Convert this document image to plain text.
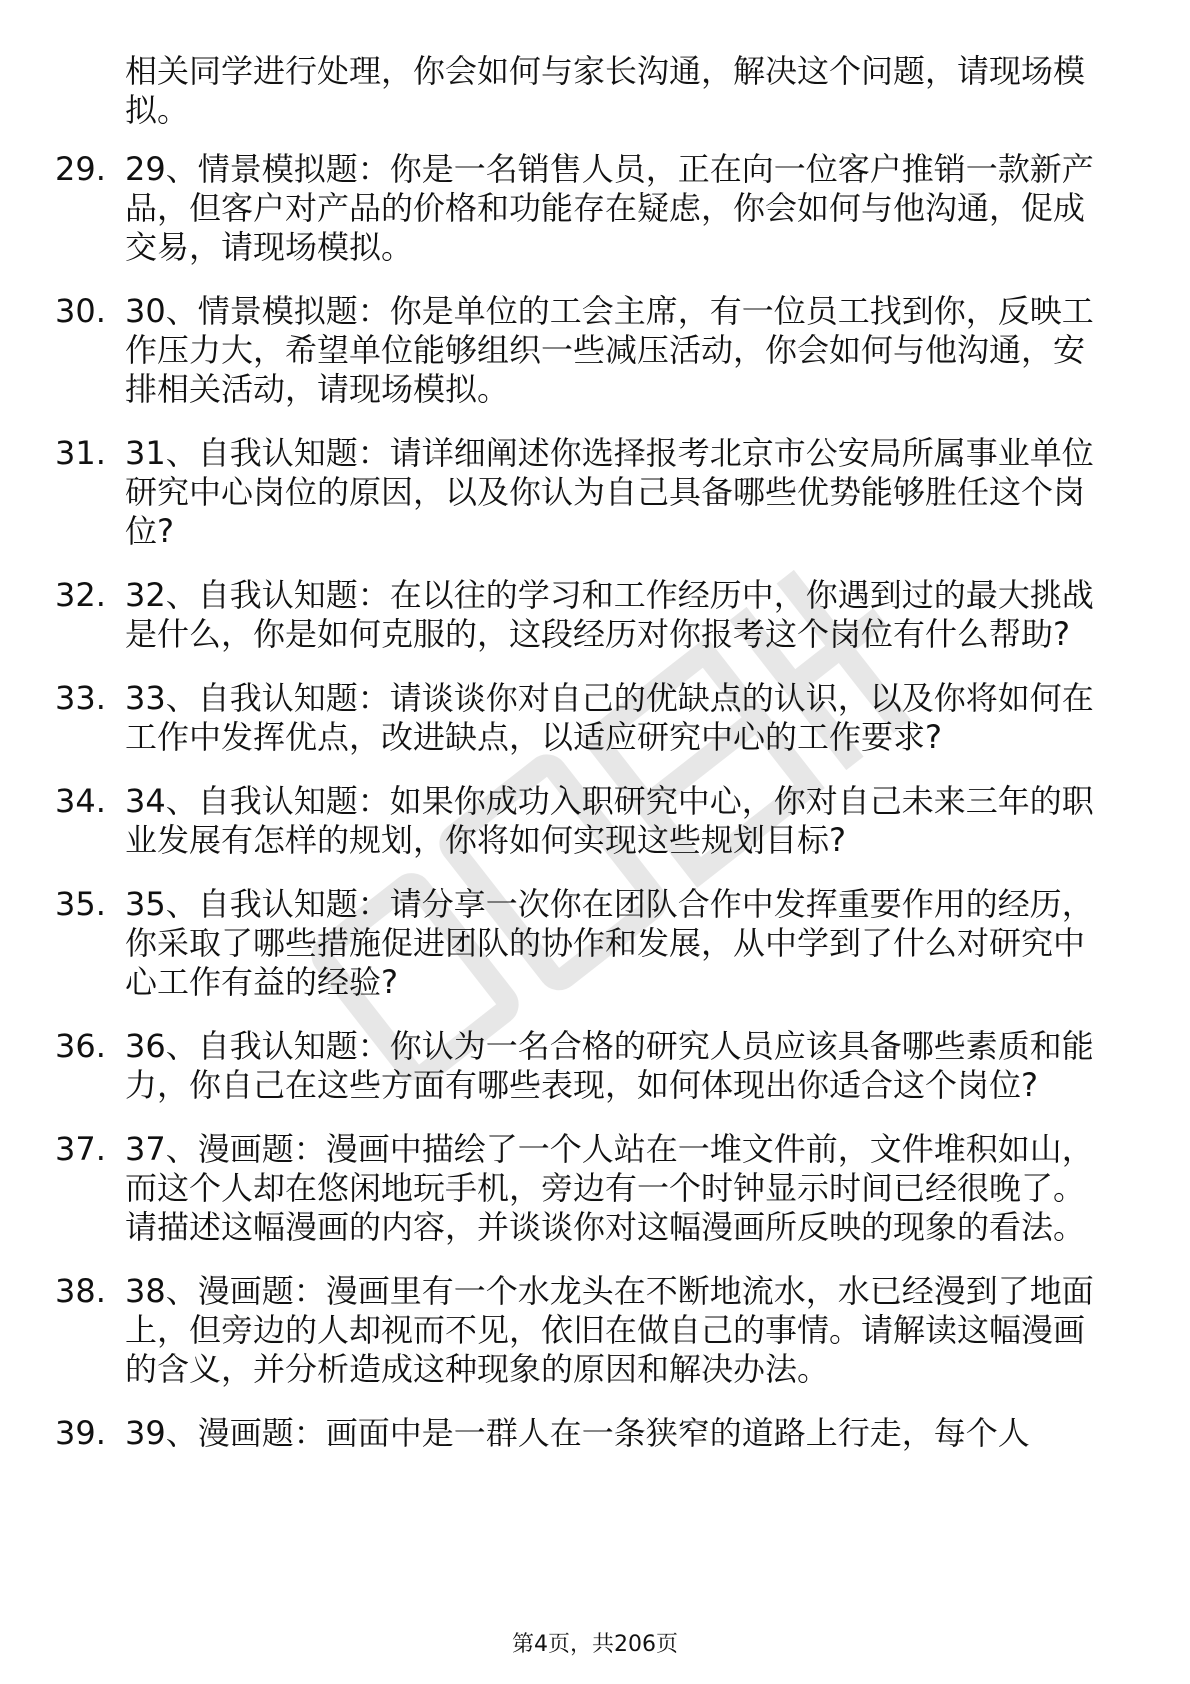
相关同学进行处理，你会如何与家长沟通，解决这个问题，请现场模拟。

29. 29、情景模拟题：你是一名销售人员，正在向一位客户推销一款新产品，但客户对产品的价格和功能存在疑虑，你会如何与他沟通，促成交易，请现场模拟。
30. 30、情景模拟题：你是单位的工会主席，有一位员工找到你，反映工作压力大，希望单位能够组织一些减压活动，你会如何与他沟通，安排相关活动，请现场模拟。
31. 31、自我认知题：请详细阐述你选择报考北京市公安局所属事业单位研究中心岗位的原因，以及你认为自己具备哪些优势能够胜任这个岗位?
32. 32、自我认知题：在以往的学习和工作经历中，你遇到过的最大挑战是什么，你是如何克服的，这段经历对你报考这个岗位有什么帮助?
33. 33、自我认知题：请谈谈你对自己的优缺点的认识，以及你将如何在工作中发挥优点，改进缺点，以适应研究中心的工作要求?
34. 34、自我认知题：如果你成功入职研究中心，你对自己未来三年的职业发展有怎样的规划，你将如何实现这些规划目标?
35. 35、自我认知题：请分享一次你在团队合作中发挥重要作用的经历，你采取了哪些措施促进团队的协作和发展，从中学到了什么对研究中心工作有益的经验?
36. 36、自我认知题：你认为一名合格的研究人员应该具备哪些素质和能力，你自己在这些方面有哪些表现，如何体现出你适合这个岗位?
37. 37、漫画题：漫画中描绘了一个人站在一堆文件前，文件堆积如山，而这个人却在悠闲地玩手机，旁边有一个时钟显示时间已经很晚了。请描述这幅漫画的内容，并谈谈你对这幅漫画所反映的现象的看法。
38. 38、漫画题：漫画里有一个水龙头在不断地流水，水已经漫到了地面上，但旁边的人却视而不见，依旧在做自己的事情。请解读这幅漫画的含义，并分析造成这种现象的原因和解决办法。
39. 39、漫画题：画面中是一群人在一条狭窄的道路上行走，每个人
第4页，共206页
